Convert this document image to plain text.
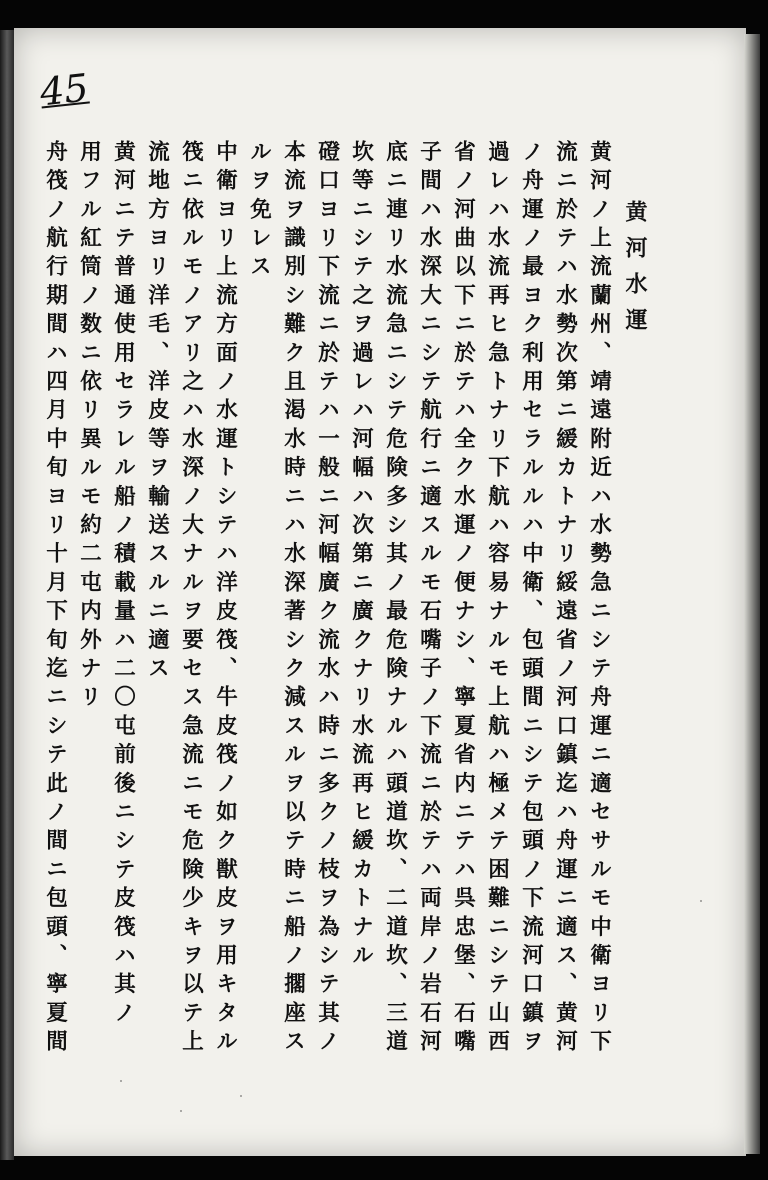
45
黄河水運
黄河ノ上流蘭州、靖遠附近ハ水勢急ニシテ舟運ニ適セサルモ中衛ヨリ下
流ニ於テハ水勢次第ニ緩カトナリ綏遠省ノ河口鎮迄ハ舟運ニ適ス、黄河
ノ舟運ノ最ヨク利用セラルルハ中衛、包頭間ニシテ包頭ノ下流河口鎮ヲ
過レハ水流再ヒ急トナリ下航ハ容易ナルモ上航ハ極メテ困難ニシテ山西
省ノ河曲以下ニ於テハ全ク水運ノ便ナシ、寧夏省内ニテハ呉忠堡、石嘴
子間ハ水深大ニシテ航行ニ適スルモ石嘴子ノ下流ニ於テハ両岸ノ岩石河
底ニ連リ水流急ニシテ危険多シ其ノ最危険ナルハ頭道坎、二道坎、三道
坎等ニシテ之ヲ過レハ河幅ハ次第ニ廣クナリ水流再ヒ緩カトナル
磴口ヨリ下流ニ於テハ一般ニ河幅廣ク流水ハ時ニ多クノ枝ヲ為シテ其ノ
本流ヲ識別シ難ク且渇水時ニハ水深著シク減スルヲ以テ時ニ船ノ擱座ス
ルヲ免レス
中衛ヨリ上流方面ノ水運トシテハ洋皮筏、牛皮筏ノ如ク獣皮ヲ用キタル
筏ニ依ルモノアリ之ハ水深ノ大ナルヲ要セス急流ニモ危険少キヲ以テ上
流地方ヨリ洋毛、洋皮等ヲ輸送スルニ適ス
黄河ニテ普通使用セラレル船ノ積載量ハ二〇屯前後ニシテ皮筏ハ其ノ
用フル紅筒ノ数ニ依リ異ルモ約二屯内外ナリ
舟筏ノ航行期間ハ四月中旬ヨリ十月下旬迄ニシテ此ノ間ニ包頭、寧夏間
